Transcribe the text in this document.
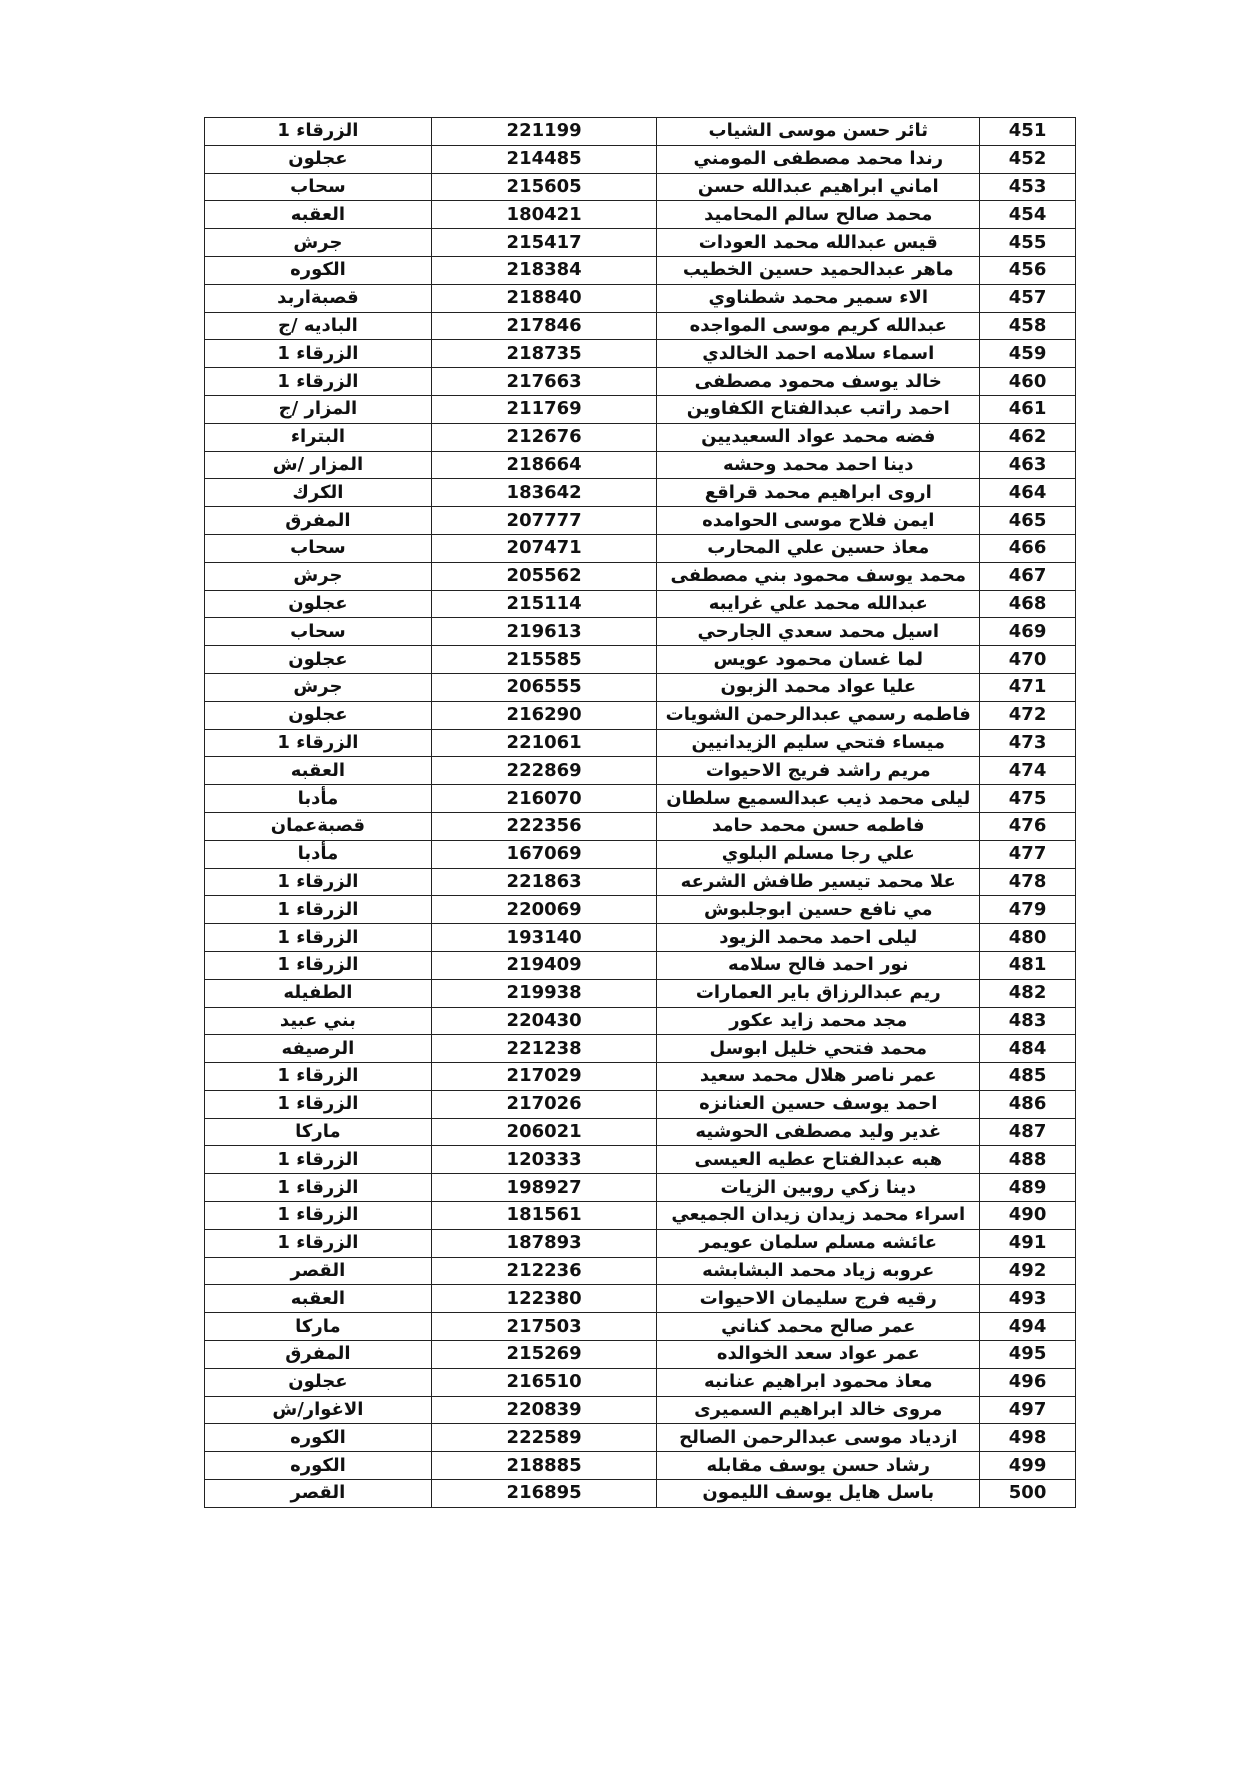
451	ثائر حسن موسى الشياب	221199	الزرقاء 1
452	رندا محمد مصطفى المومني	214485	عجلون
453	اماني ابراهيم عبدالله حسن	215605	سحاب
454	محمد صالح سالم المحاميد	180421	العقبه
455	قيس عبدالله محمد العودات	215417	جرش
456	ماهر عبدالحميد حسين الخطيب	218384	الكوره
457	الاء سمير محمد شطناوي	218840	قصبةاربد
458	عبدالله كريم موسى المواجده	217846	الباديه /ج
459	اسماء سلامه احمد الخالدي	218735	الزرقاء 1
460	خالد يوسف محمود مصطفى	217663	الزرقاء 1
461	احمد راتب عبدالفتاح الكفاوين	211769	المزار /ج
462	فضه محمد عواد السعيديين	212676	البتراء
463	دينا احمد محمد وحشه	218664	المزار /ش
464	اروى ابراهيم محمد قراقع	183642	الكرك
465	ايمن فلاح موسى الحوامده	207777	المفرق
466	معاذ حسين علي المحارب	207471	سحاب
467	محمد يوسف محمود بني مصطفى	205562	جرش
468	عبدالله محمد علي غرايبه	215114	عجلون
469	اسيل محمد سعدي الجارحي	219613	سحاب
470	لما غسان محمود عويس	215585	عجلون
471	عليا عواد محمد الزبون	206555	جرش
472	فاطمه رسمي عبدالرحمن الشويات	216290	عجلون
473	ميساء فتحي سليم الزيدانيين	221061	الزرقاء 1
474	مريم راشد فريج الاحيوات	222869	العقبه
475	ليلى محمد ذيب عبدالسميع سلطان	216070	مأدبا
476	فاطمه حسن محمد حامد	222356	قصبةعمان
477	علي رجا مسلم البلوي	167069	مأدبا
478	علا محمد تيسير طافش الشرعه	221863	الزرقاء 1
479	مي نافع حسين ابوجلبوش	220069	الزرقاء 1
480	ليلى احمد محمد الزيود	193140	الزرقاء 1
481	نور احمد فالح سلامه	219409	الزرقاء 1
482	ريم عبدالرزاق باير العمارات	219938	الطفيله
483	مجد محمد زايد عكور	220430	بني عبيد
484	محمد فتحي خليل ابوسل	221238	الرصيفه
485	عمر ناصر هلال محمد سعيد	217029	الزرقاء 1
486	احمد يوسف حسين العنانزه	217026	الزرقاء 1
487	غدير وليد مصطفى الحوشيه	206021	ماركا
488	هبه عبدالفتاح عطيه العيسى	120333	الزرقاء 1
489	دينا زكي روبين الزيات	198927	الزرقاء 1
490	اسراء محمد زيدان زيدان الجميعي	181561	الزرقاء 1
491	عائشه مسلم سلمان عويمر	187893	الزرقاء 1
492	عروبه زياد محمد البشابشه	212236	القصر
493	رقيه فرج سليمان الاحيوات	122380	العقبه
494	عمر صالح محمد كناني	217503	ماركا
495	عمر عواد سعد الخوالده	215269	المفرق
496	معاذ محمود ابراهيم عنانبه	216510	عجلون
497	مروى خالد ابراهيم السميرى	220839	الاغوار/ش
498	ازدياد موسى عبدالرحمن الصالح	222589	الكوره
499	رشاد حسن يوسف مقابله	218885	الكوره
500	باسل هايل يوسف الليمون	216895	القصر
